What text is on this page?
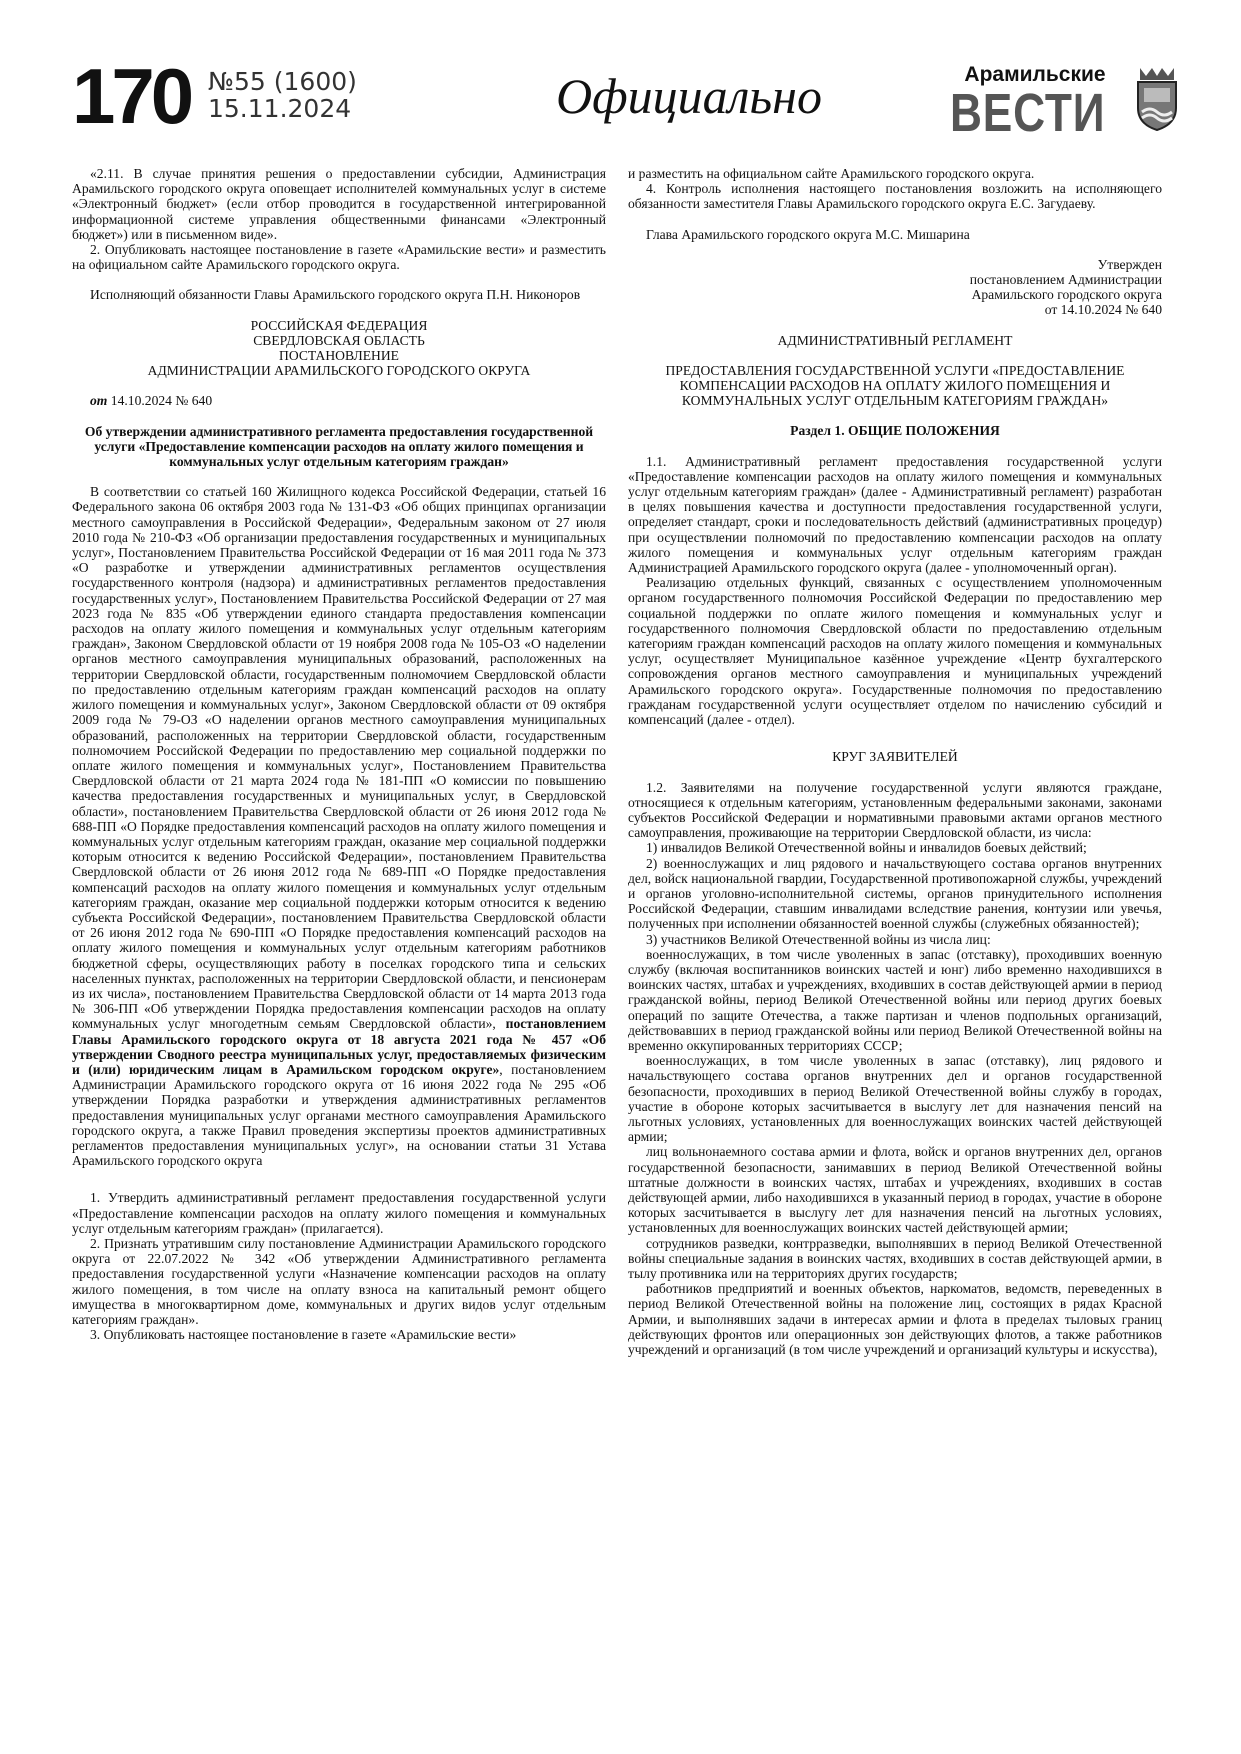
170 №55 (1600)
15.11.2024	Официально	Арамильские
ВЕСТИ

«2.11. В случае принятия решения о предоставлении субсидии, Администрация Арамильского городского округа оповещает исполнителей коммунальных услуг в системе «Электронный бюджет» (если отбор проводится в государственной интегрированной информационной системе управления общественными финансами «Электронный бюджет») или в письменном виде».

2. Опубликовать настоящее постановление в газете «Арамильские вести» и разместить на официальном сайте Арамильского городского округа.

Исполняющий обязанности Главы Арамильского городского округа П.Н. Никоноров

РОССИЙСКАЯ ФЕДЕРАЦИЯ

СВЕРДЛОВСКАЯ ОБЛАСТЬ

ПОСТАНОВЛЕНИЕ

АДМИНИСТРАЦИИ АРАМИЛЬСКОГО ГОРОДСКОГО ОКРУГА

от 14.10.2024 № 640

Об утверждении административного регламента предоставления государственной услуги «Предоставление компенсации расходов на оплату жилого помещения и коммунальных услуг отдельным категориям граждан»

В соответствии со статьей 160 Жилищного кодекса Российской Федерации, статьей 16 Федерального закона 06 октября 2003 года № 131-ФЗ «Об общих принципах организации местного самоуправления в Российской Федерации», Федеральным законом от 27 июля 2010 года № 210-ФЗ «Об организации предоставления государственных и муниципальных услуг», Постановлением Правительства Российской Федерации от 16 мая 2011 года № 373 «О разработке и утверждении административных регламентов осуществления государственного контроля (надзора) и административных регламентов предоставления государственных услуг», Постановлением Правительства Российской Федерации от 27 мая 2023 года № 835 «Об утверждении единого стандарта предоставления компенсации расходов на оплату жилого помещения и коммунальных услуг отдельным категориям граждан», Законом Свердловской области от 19 ноября 2008 года № 105-ОЗ «О наделении органов местного самоуправления муниципальных образований, расположенных на территории Свердловской области, государственным полномочием Свердловской области по предоставлению отдельным категориям граждан компенсаций расходов на оплату жилого помещения и коммунальных услуг», Законом Свердловской области от 09 октября 2009 года № 79-ОЗ «О наделении органов местного самоуправления муниципальных образований, расположенных на территории Свердловской области, государственным полномочием Российской Федерации по предоставлению мер социальной поддержки по оплате жилого помещения и коммунальных услуг», Постановлением Правительства Свердловской области от 21 марта 2024 года № 181-ПП «О комиссии по повышению качества предоставления государственных и муниципальных услуг, в Свердловской области», постановлением Правительства Свердловской области от 26 июня 2012 года № 688-ПП «О Порядке предоставления компенсаций расходов на оплату жилого помещения и коммунальных услуг отдельным категориям граждан, оказание мер социальной поддержки которым относится к ведению Российской Федерации», постановлением Правительства Свердловской области от 26 июня 2012 года № 689-ПП «О Порядке предоставления компенсаций расходов на оплату жилого помещения и коммунальных услуг отдельным категориям граждан, оказание мер социальной поддержки которым относится к ведению субъекта Российской Федерации», постановлением Правительства Свердловской области от 26 июня 2012 года № 690-ПП «О Порядке предоставления компенсаций расходов на оплату жилого помещения и коммунальных услуг отдельным категориям работников бюджетной сферы, осуществляющих работу в поселках городского типа и сельских населенных пунктах, расположенных на территории Свердловской области, и пенсионерам из их числа», постановлением Правительства Свердловской области от 14 марта 2013 года № 306-ПП «Об утверждении Порядка предоставления компенсации расходов на оплату коммунальных услуг многодетным семьям Свердловской области», постановлением Главы Арамильского городского округа от 18 августа 2021 года № 457 «Об утверждении Сводного реестра муниципальных услуг, предоставляемых физическим и (или) юридическим лицам в Арамильском городском округе», постановлением Администрации Арамильского городского округа от 16 июня 2022 года № 295 «Об утверждении Порядка разработки и утверждения административных регламентов предоставления муниципальных услуг органами местного самоуправления Арамильского городского округа, а также Правил проведения экспертизы проектов административных регламентов предоставления муниципальных услуг», на основании статьи 31 Устава Арамильского городского округа

1. Утвердить административный регламент предоставления государственной услуги «Предоставление компенсации расходов на оплату жилого помещения и коммунальных услуг отдельным категориям граждан» (прилагается).

2. Признать утратившим силу постановление Администрации Арамильского городского округа от 22.07.2022 № 342 «Об утверждении Административного регламента предоставления государственной услуги «Назначение компенсации расходов на оплату жилого помещения, в том числе на оплату взноса на капитальный ремонт общего имущества в многоквартирном доме, коммунальных и других видов услуг отдельным категориям граждан».

3. Опубликовать настоящее постановление в газете «Арамильские вести»

и разместить на официальном сайте Арамильского городского округа.

4. Контроль исполнения настоящего постановления возложить на исполняющего обязанности заместителя Главы Арамильского городского округа Е.С. Загудаеву.

Глава Арамильского городского округа М.С. Мишарина

Утвержден

постановлением Администрации

Арамильского городского округа

от 14.10.2024 № 640

АДМИНИСТРАТИВНЫЙ РЕГЛАМЕНТ

ПРЕДОСТАВЛЕНИЯ ГОСУДАРСТВЕННОЙ УСЛУГИ «ПРЕДОСТАВЛЕНИЕ КОМПЕНСАЦИИ РАСХОДОВ НА ОПЛАТУ ЖИЛОГО ПОМЕЩЕНИЯ И КОММУНАЛЬНЫХ УСЛУГ ОТДЕЛЬНЫМ КАТЕГОРИЯМ ГРАЖДАН»

Раздел 1. ОБЩИЕ ПОЛОЖЕНИЯ

1.1. Административный регламент предоставления государственной услуги «Предоставление компенсации расходов на оплату жилого помещения и коммунальных услуг отдельным категориям граждан» (далее - Административный регламент) разработан в целях повышения качества и доступности предоставления государственной услуги, определяет стандарт, сроки и последовательность действий (административных процедур) при осуществлении полномочий по предоставлению компенсации расходов на оплату жилого помещения и коммунальных услуг отдельным категориям граждан Администрацией Арамильского городского округа (далее - уполномоченный орган).

Реализацию отдельных функций, связанных с осуществлением уполномоченным органом государственного полномочия Российской Федерации по предоставлению мер социальной поддержки по оплате жилого помещения и коммунальных услуг и государственного полномочия Свердловской области по предоставлению отдельным категориям граждан компенсаций расходов на оплату жилого помещения и коммунальных услуг, осуществляет Муниципальное казённое учреждение «Центр бухгалтерского сопровождения органов местного самоуправления и муниципальных учреждений Арамильского городского округа». Государственные полномочия по предоставлению гражданам государственной услуги осуществляет отделом по начислению субсидий и компенсаций (далее - отдел).

КРУГ ЗАЯВИТЕЛЕЙ

1.2. Заявителями на получение государственной услуги являются граждане, относящиеся к отдельным категориям, установленным федеральными законами, законами субъектов Российской Федерации и нормативными правовыми актами органов местного самоуправления, проживающие на территории Свердловской области, из числа:

1) инвалидов Великой Отечественной войны и инвалидов боевых действий;

2) военнослужащих и лиц рядового и начальствующего состава органов внутренних дел, войск национальной гвардии, Государственной противопожарной службы, учреждений и органов уголовно-исполнительной системы, органов принудительного исполнения Российской Федерации, ставшим инвалидами вследствие ранения, контузии или увечья, полученных при исполнении обязанностей военной службы (служебных обязанностей);

3) участников Великой Отечественной войны из числа лиц:

военнослужащих, в том числе уволенных в запас (отставку), проходивших военную службу (включая воспитанников воинских частей и юнг) либо временно находившихся в воинских частях, штабах и учреждениях, входивших в состав действующей армии в период гражданской войны, период Великой Отечественной войны или период других боевых операций по защите Отечества, а также партизан и членов подпольных организаций, действовавших в период гражданской войны или период Великой Отечественной войны на временно оккупированных территориях СССР;

военнослужащих, в том числе уволенных в запас (отставку), лиц рядового и начальствующего состава органов внутренних дел и органов государственной безопасности, проходивших в период Великой Отечественной войны службу в городах, участие в обороне которых засчитывается в выслугу лет для назначения пенсий на льготных условиях, установленных для военнослужащих воинских частей действующей армии;

лиц вольнонаемного состава армии и флота, войск и органов внутренних дел, органов государственной безопасности, занимавших в период Великой Отечественной войны штатные должности в воинских частях, штабах и учреждениях, входивших в состав действующей армии, либо находившихся в указанный период в городах, участие в обороне которых засчитывается в выслугу лет для назначения пенсий на льготных условиях, установленных для военнослужащих воинских частей действующей армии;

сотрудников разведки, контрразведки, выполнявших в период Великой Отечественной войны специальные задания в воинских частях, входивших в состав действующей армии, в тылу противника или на территориях других государств;

работников предприятий и военных объектов, наркоматов, ведомств, переведенных в период Великой Отечественной войны на положение лиц, состоящих в рядах Красной Армии, и выполнявших задачи в интересах армии и флота в пределах тыловых границ действующих фронтов или операционных зон действующих флотов, а также работников учреждений и организаций (в том числе учреждений и организаций культуры и искусства),
